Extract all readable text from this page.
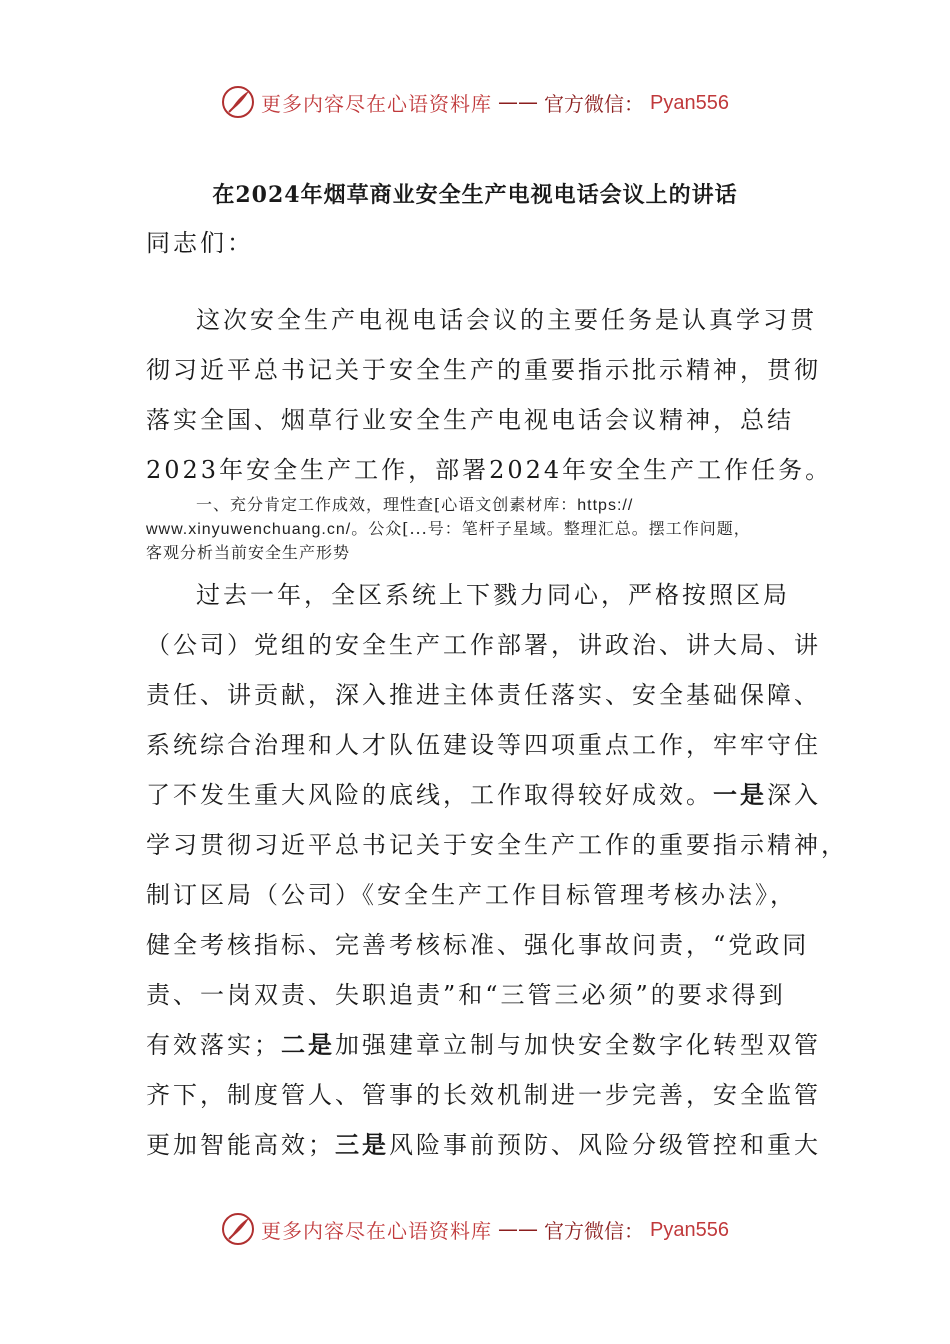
更多内容尽在心语资料库 —— 官方微信： Pyan556
在2024年烟草商业安全生产电视电话会议上的讲话
同志们：
这次安全生产电视电话会议的主要任务是认真学习贯
彻习近平总书记关于安全生产的重要指示批示精神，贯彻
落实全国、烟草行业安全生产电视电话会议精神，总结
2023年安全生产工作，部署2024年安全生产工作任务。
一、充分肯定工作成效，理性查[心语文创素材库：https://
www.xinyuwenchuang.cn/。公众[...号：笔杆子星域。整理汇总。摆工作问题，
客观分析当前安全生产形势
过去一年，全区系统上下戮力同心，严格按照区局
（公司）党组的安全生产工作部署，讲政治、讲大局、讲
责任、讲贡献，深入推进主体责任落实、安全基础保障、
系统综合治理和人才队伍建设等四项重点工作，牢牢守住
了不发生重大风险的底线，工作取得较好成效。一是深入
学习贯彻习近平总书记关于安全生产工作的重要指示精神，
制订区局（公司）《安全生产工作目标管理考核办法》，
健全考核指标、完善考核标准、强化事故问责，“党政同
责、一岗双责、失职追责”和“三管三必须”的要求得到
有效落实；二是加强建章立制与加快安全数字化转型双管
齐下，制度管人、管事的长效机制进一步完善，安全监管
更加智能高效；三是风险事前预防、风险分级管控和重大
更多内容尽在心语资料库 —— 官方微信： Pyan556
